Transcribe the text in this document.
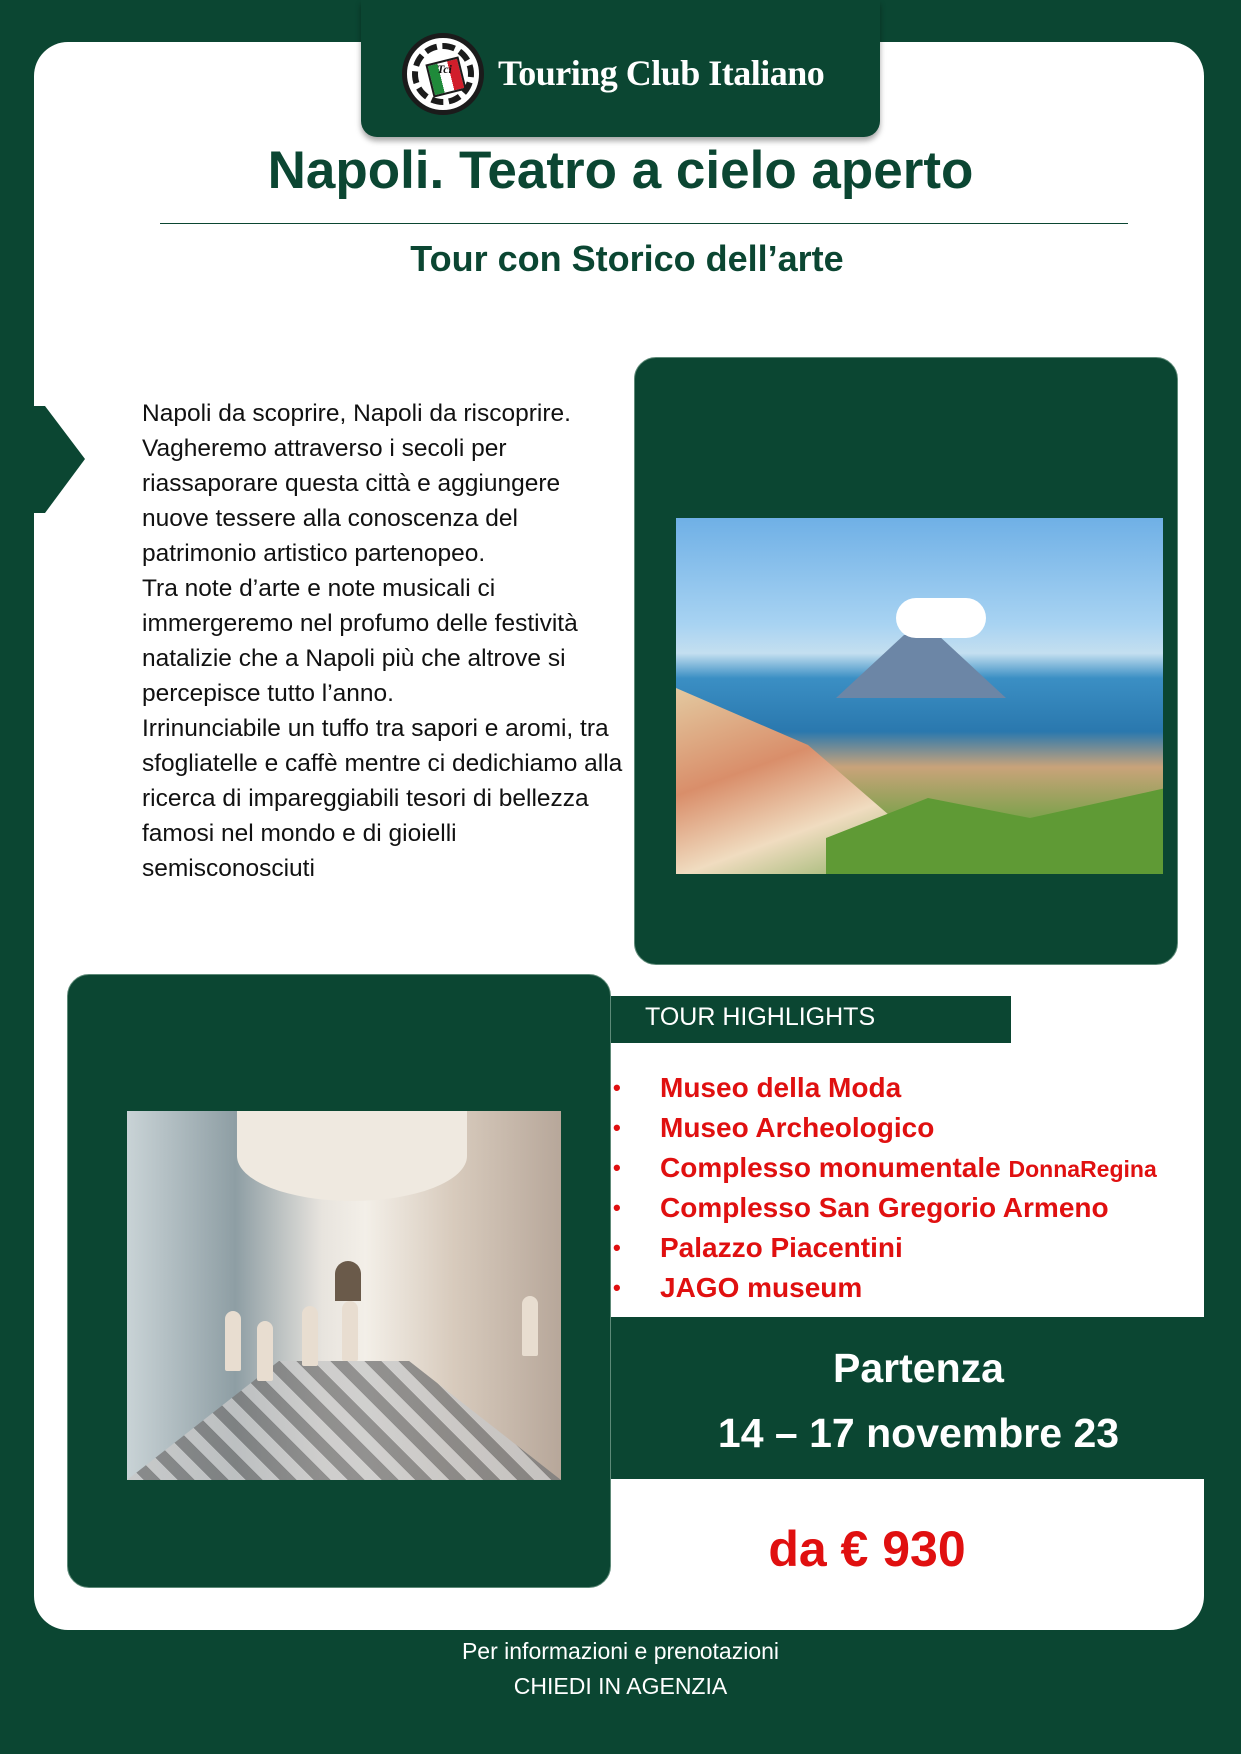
Tci Touring Club Italiano
Napoli. Teatro a cielo aperto
Tour con Storico dell’arte

Napoli da scoprire, Napoli da riscoprire. Vagheremo attraverso i secoli per riassaporare questa città e aggiungere nuove tessere alla conoscenza del patrimonio artistico partenopeo.

Tra note d’arte e note musicali ci immergeremo nel profumo delle festività natalizie che a Napoli più che altrove si percepisce tutto l’anno.

Irrinunciabile un tuffo tra sapori e aromi, tra sfogliatelle e caffè mentre ci dedichiamo alla ricerca di impareggiabili tesori di bellezza famosi nel mondo e di gioielli semisconosciuti

TOUR HIGHLIGHTS
• Museo della Moda
• Museo Archeologico
• Complesso monumentale DonnaRegina
• Complesso San Gregorio Armeno
• Palazzo Piacentini
• JAGO museum
Partenza
14 – 17 novembre 23
da € 930
Per informazioni e prenotazioni
CHIEDI IN AGENZIA
